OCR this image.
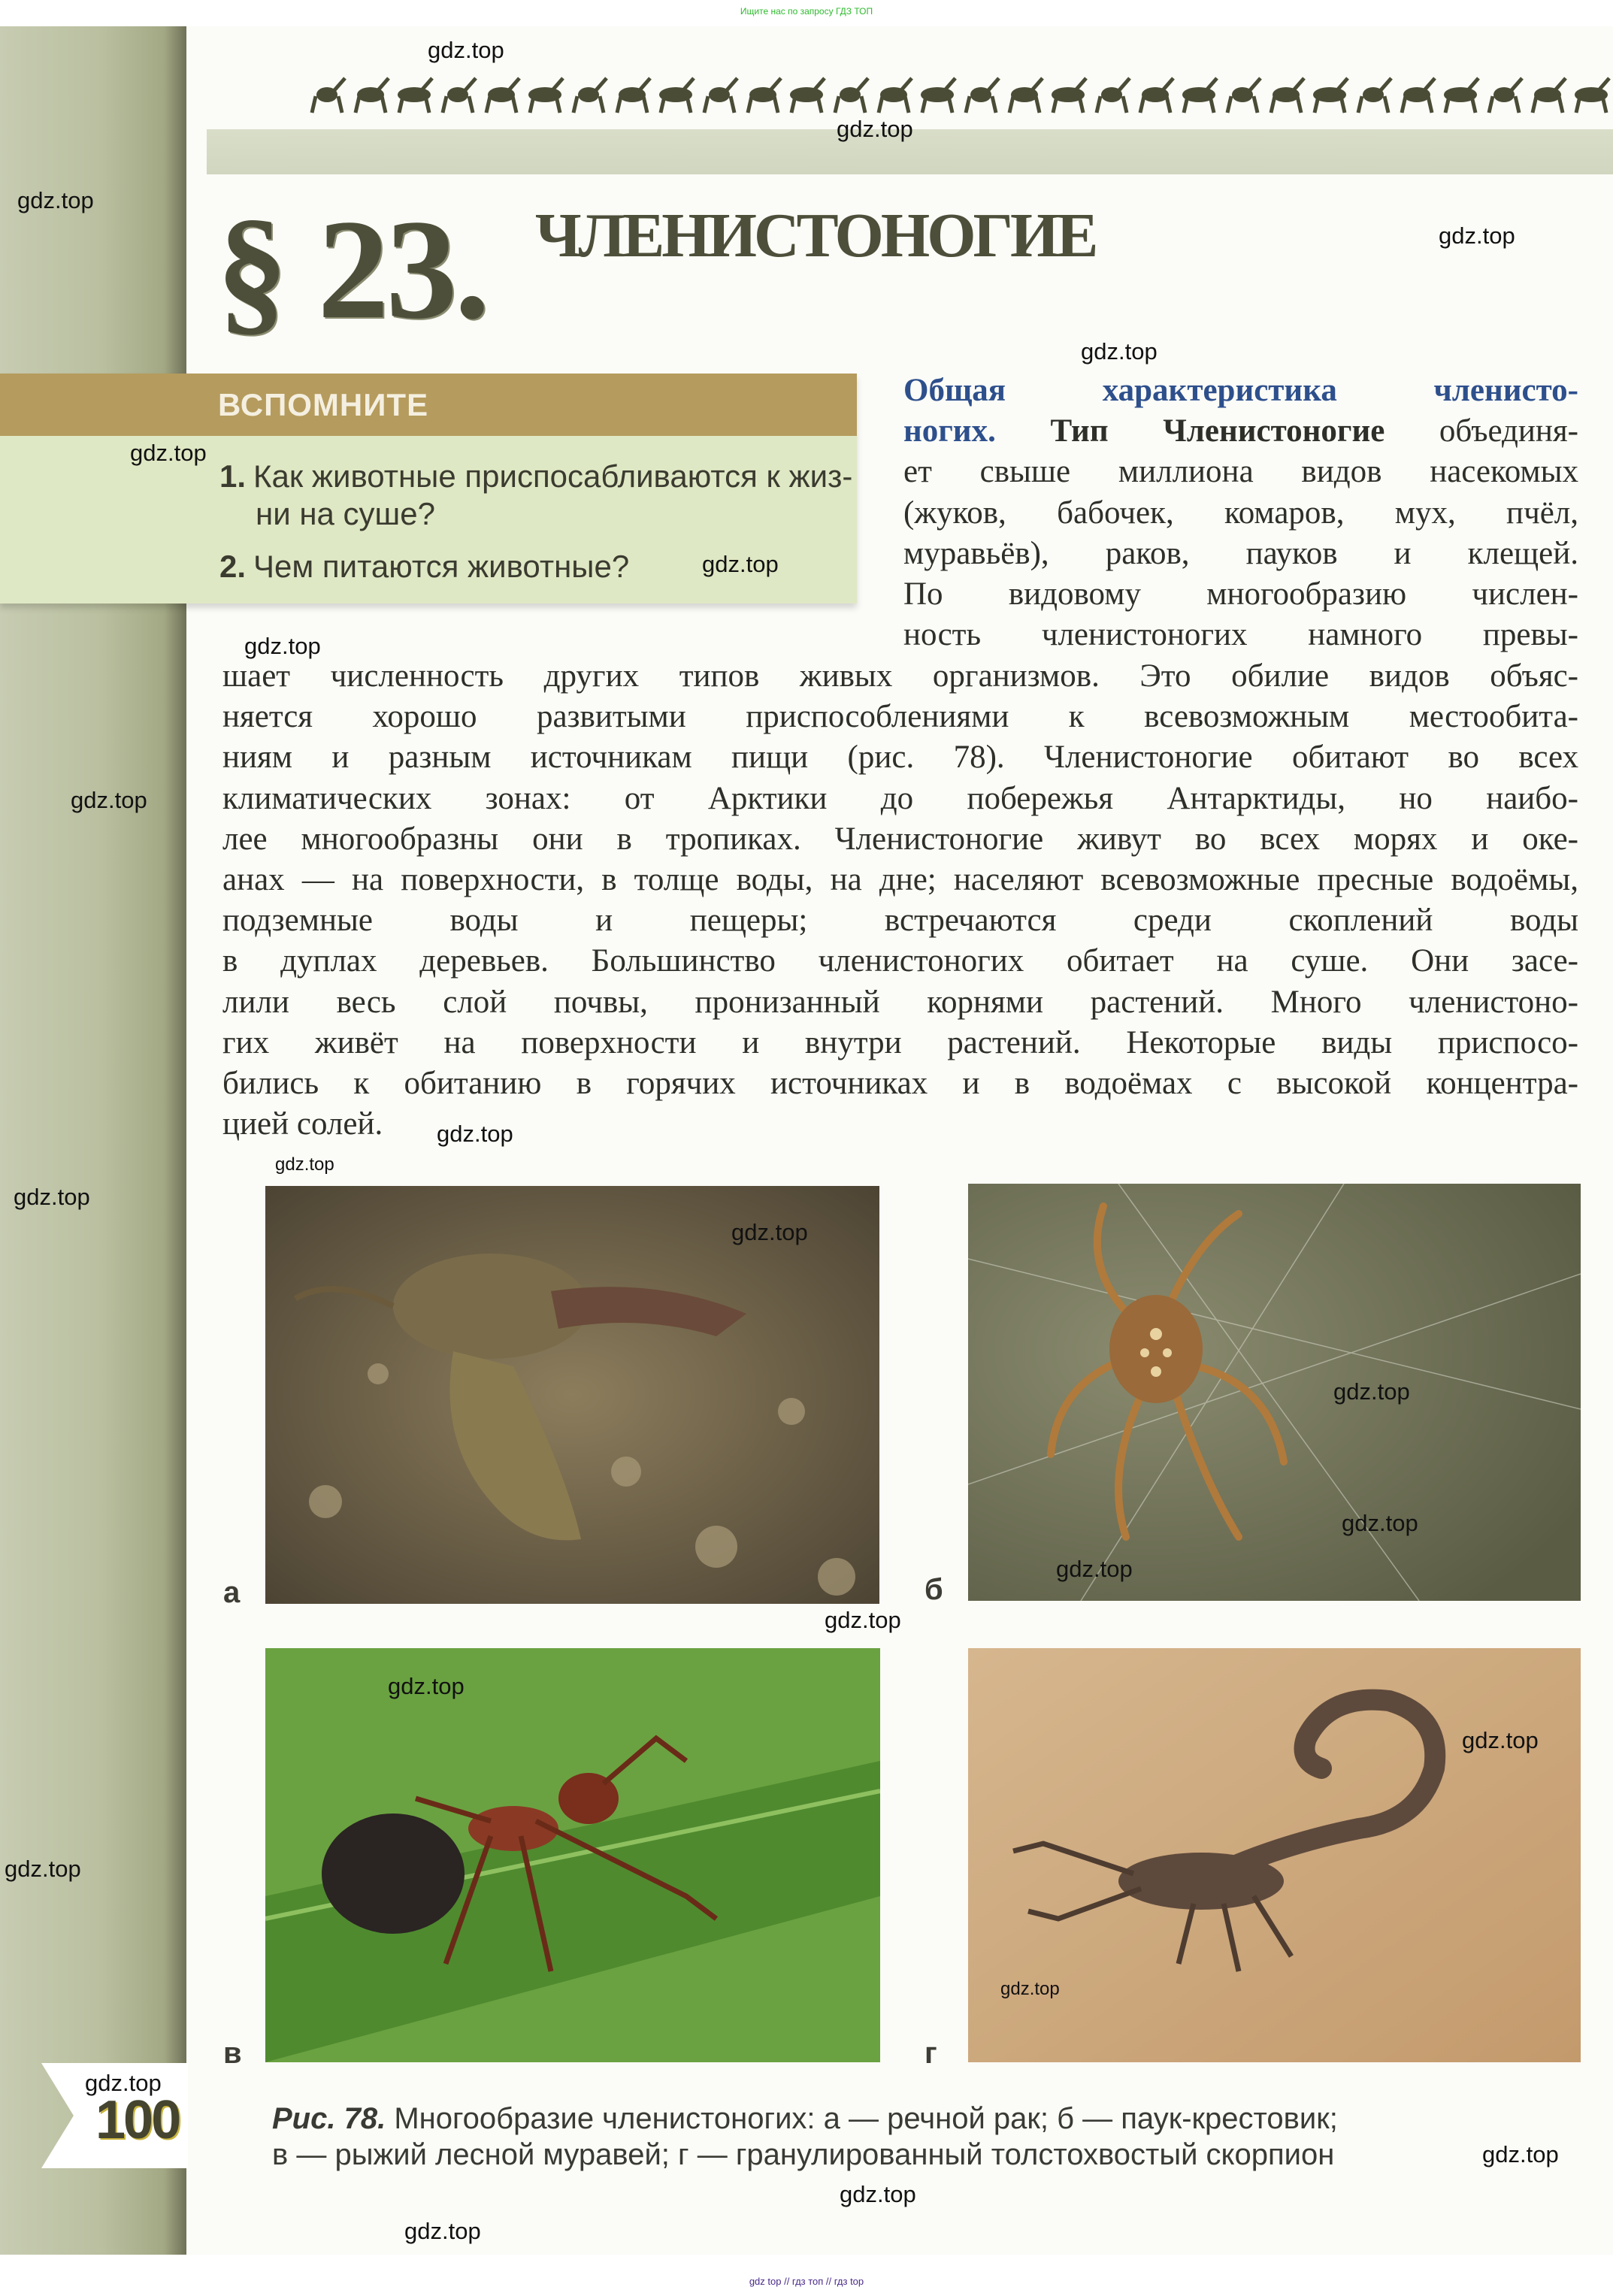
Ищите нас по запросу ГДЗ ТОП
§ 23. ЧЛЕНИСТОНОГИЕ
ВСПОМНИТЕ
1. Как животные приспосабливаются к жиз-
ни на суше?
2. Чем питаются животные?
Общая характеристика членисто-
ногих. Тип Членистоногие объединя-
ет свыше миллиона видов насекомых
(жуков, бабочек, комаров, мух, пчёл,
муравьёв), раков, пауков и клещей.
По видовому многообразию числен-
ность членистоногих намного превы-
шает численность других типов живых организмов. Это обилие видов объяс-
няется хорошо развитыми приспособлениями к всевозможным местообита-
ниям и разным источникам пищи (рис. 78). Членистоногие обитают во всех
климатических зонах: от Арктики до побережья Антарктиды, но наибо-
лее многообразны они в тропиках. Членистоногие живут во всех морях и оке-
анах — на поверхности, в толще воды, на дне; населяют всевозможные пресные водоёмы, подземные воды и пещеры; встречаются среди скоплений воды
в дуплах деревьев. Большинство членистоногих обитает на суше. Они засе-
лили весь слой почвы, пронизанный корнями растений. Много членистоно-
гих живёт на поверхности и внутри растений. Некоторые виды приспосо-
бились к обитанию в горячих источниках и в водоёмах с высокой концентра-
цией солей.
а	б
в	г
100	Рис. 78. Многообразие членистоногих: а — речной рак; б — паук-крестовик;
в — рыжий лесной муравей; г — гранулированный толстохвостый скорпион
gdz.top
gdz.top
gdz.top
gdz.top
gdz.top
gdz.top
gdz.top
gdz.top
gdz.top
gdz.top
gdz.top
gdz.top
gdz.top
gdz.top
gdz.top
gdz.top
gdz.top
gdz.top
gdz.top
gdz.top
gdz.top
gdz.top
gdz.top
gdz.top
gdz.top
gdz top // гдз топ // гдз top
